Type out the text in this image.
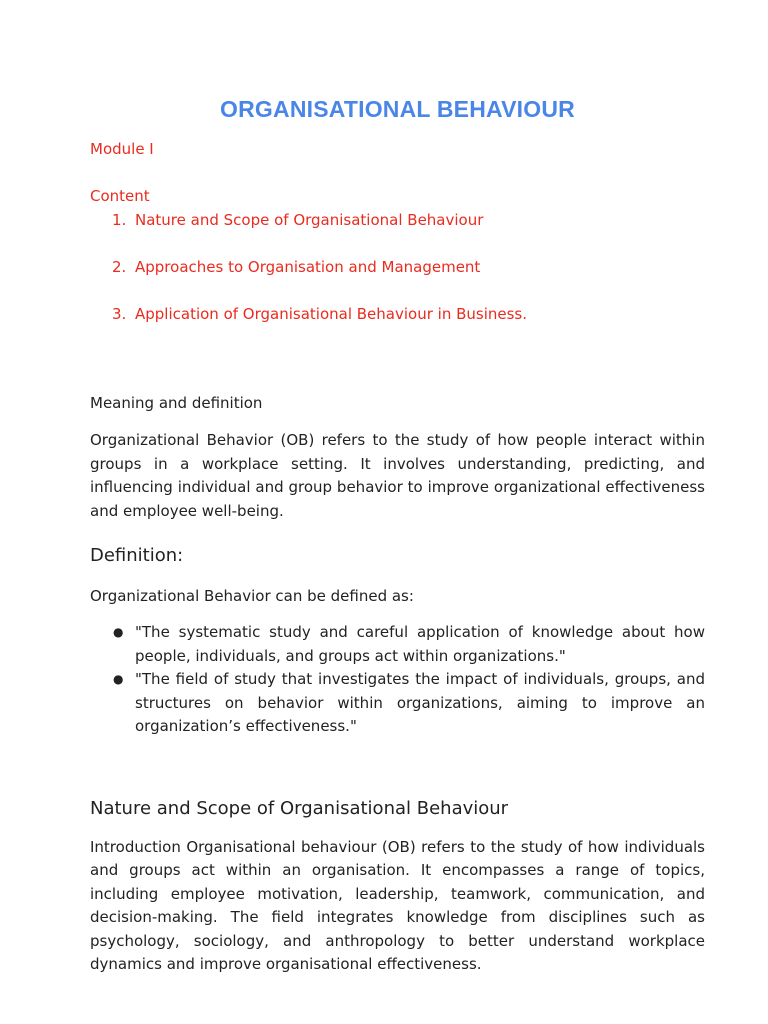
ORGANISATIONAL BEHAVIOUR
Module I
Content
1. Nature and Scope of Organisational Behaviour
2. Approaches to Organisation and Management
3. Application of Organisational Behaviour in Business.
Meaning and definition

Organizational Behavior (OB) refers to the study of how people interact within groups in a workplace setting. It involves understanding, predicting, and influencing individual and group behavior to improve organizational effectiveness and employee well-being.

Definition:
Organizational Behavior can be defined as:
● "The systematic study and careful application of knowledge about how people, individuals, and groups act within organizations."
● "The field of study that investigates the impact of individuals, groups, and structures on behavior within organizations, aiming to improve an organization’s effectiveness."
Nature and Scope of Organisational Behaviour

Introduction Organisational behaviour (OB) refers to the study of how individuals and groups act within an organisation. It encompasses a range of topics, including employee motivation, leadership, teamwork, communication, and decision-making. The field integrates knowledge from disciplines such as psychology, sociology, and anthropology to better understand workplace dynamics and improve organisational effectiveness.
